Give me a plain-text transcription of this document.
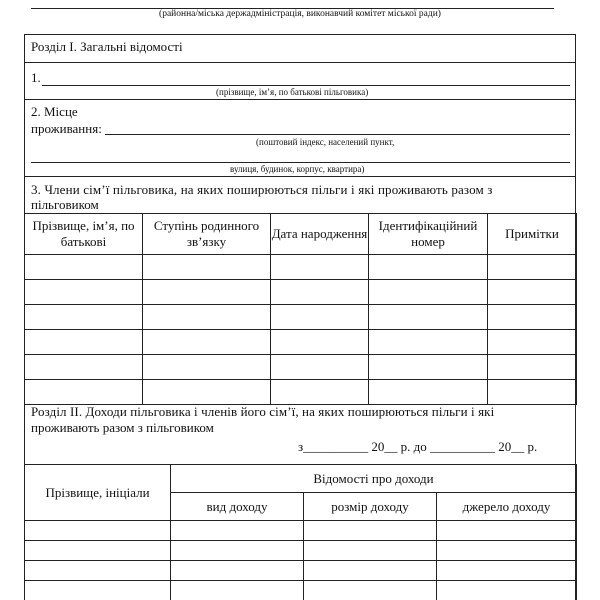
(районна/міська держадміністрація, виконавчий комітет міської ради)
Розділ I. Загальні відомості
1.
(прізвище, ім’я, по батькові пільговика)
2. Місце
проживання:
(поштовий індекс, населений пункт,
вулиця, будинок, корпус, квартира)
3. Члени сім’ї пільговика, на яких поширюються пільги і які проживають разом з
пільговиком
Прізвище, ім’я, по батькові	Ступінь родинного зв’язку	Дата народження	Ідентифікаційний номер	Примітки

Розділ II. Доходи пільговика і членів його сім’ї, на яких поширюються пільги і які
проживають разом з пільговиком
з__________ 20__ р. до __________ 20__ р.
Прізвище, ініціали	Відомості про доходи		
	вид доходу	розмір доходу	джерело доходу
